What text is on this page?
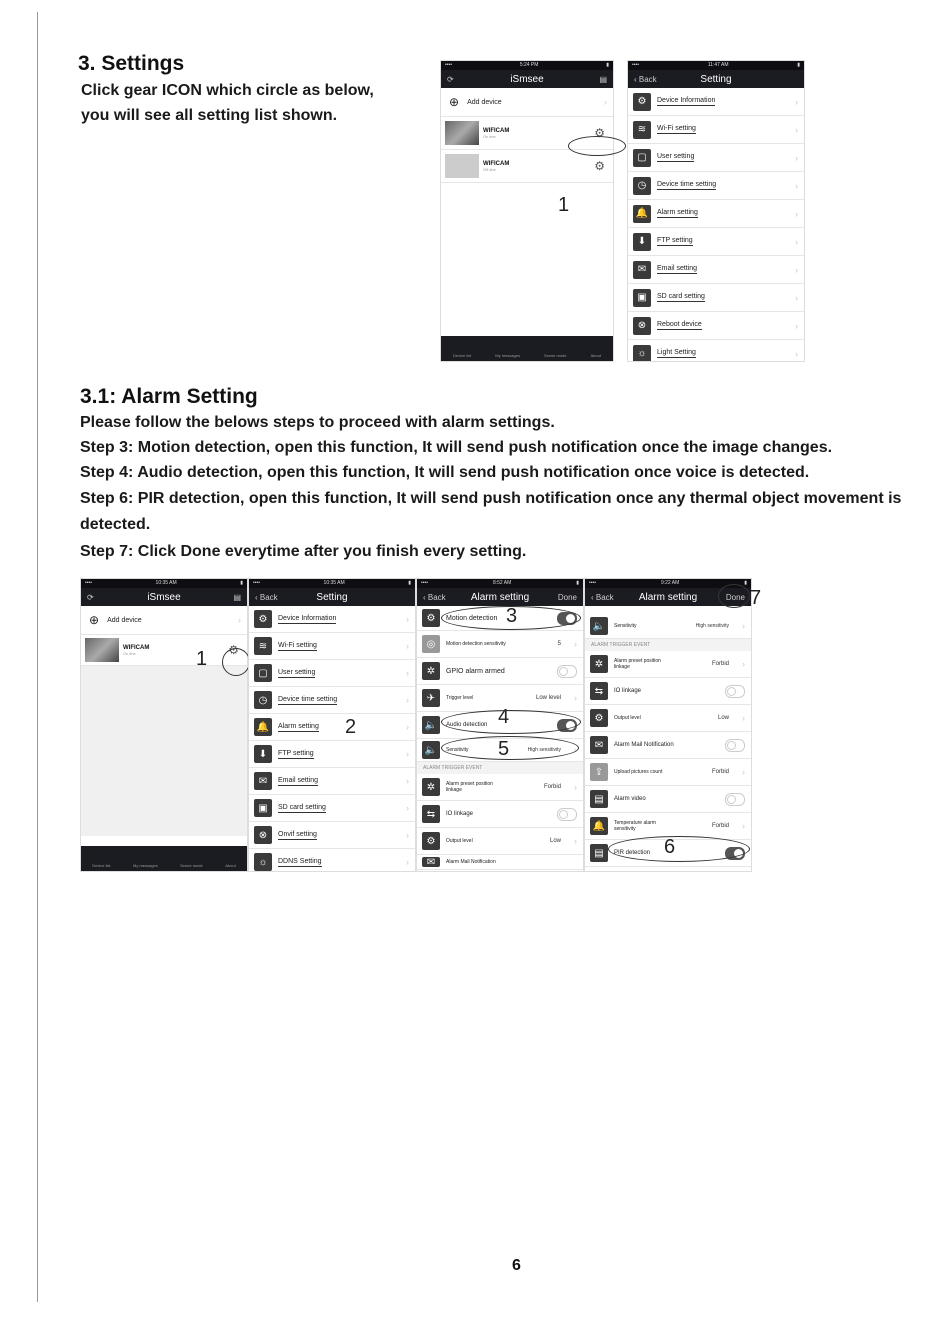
3. Settings
Click gear ICON which circle as below,
you will see all setting list shown.
••••	5:24 PM	▮
⟳	iSmsee	▤
⊕ Add device	›
WIFICAM
On line	⚙
WIFICAM
Off-line	⚙
Device list	My messages	Scene mode	About
1
••••	11:47 AM	▮
‹ Back	Setting
⚙	Device Information	›
≋	Wi-Fi setting	›
▢	User setting	›
◷	Device time setting	›
🔔	Alarm setting	›
⬇	FTP setting	›
✉	Email setting	›
▣	SD card setting	›
⊗	Reboot device	›
☼	Light Setting	›
3.1: Alarm Setting
Please follow the belows steps to proceed with alarm settings.
Step 3: Motion detection, open this function, It will send push notification once the image changes.
Step 4: Audio detection, open this function, It will send push notification once voice is detected.
Step 6: PIR detection, open this function, It will send push notification once any thermal object movement is
detected.
Step 7: Click Done everytime after you finish every setting.
••••	10:35 AM	▮
⟳	iSmsee	▤
⊕ Add device	›
WIFICAM
On line	⚙
Device list	My messages	Scene mode	About
1
••••	10:35 AM	▮
‹ Back	Setting
⚙	Device Information	›
≋	Wi-Fi setting	›
▢	User setting	›
◷	Device time setting	›
🔔	Alarm setting	›
⬇	FTP setting	›
✉	Email setting	›
▣	SD card setting	›
⊗	Onvif setting	›
☼	DDNS Setting	›
2
••••	8:52 AM	▮
‹ Back	Alarm setting	Done
⚙	Motion detection
◎	Motion detection sensitivity	5 ›
✲	GPIO alarm armed
✈	Trigger level	Low level ›
🔈	Audio detection
🔈	Sensitivity	High sensitivity ›
ALARM TRIGGER EVENT
✲	Alarm preset position linkage	Forbid ›
⇆	IO linkage
⚙	Output level	Low ›
✉	Alarm Mail Notification
3
4
5
••••	9:22 AM	▮
‹ Back	Alarm setting	Done
🔈	Sensitivity	High sensitivity ›
ALARM TRIGGER EVENT
✲	Alarm preset position linkage	Forbid ›
⇆	IO linkage
⚙	Output level	Low ›
✉	Alarm Mail Notification
⇪	Upload pictures count	Forbid ›
▤	Alarm video
🔔	Temperature alarm sensitivity	Forbid ›
▤	PIR detection
7
6
6
